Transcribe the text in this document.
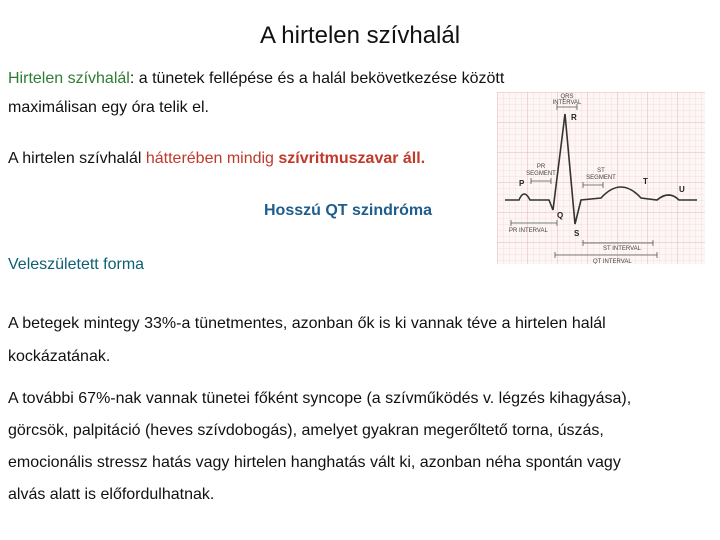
A hirtelen szívhalál
Hirtelen szívhalál: a tünetek fellépése és a halál bekövetkezése között
maximálisan egy óra telik el.
A hirtelen szívhalál hátterében mindig szívritmuszavar áll.
Hosszú QT szindróma
Veleszületett forma
A betegek mintegy 33%-a tünetmentes, azonban ők is ki vannak téve a hirtelen halál
kockázatának.
A további 67%-nak vannak tünetei főként syncope (a szívműködés v. légzés kihagyása),
görcsök, palpitáció (heves szívdobogás), amelyet gyakran megerőltető torna, úszás,
emocionális stressz hatás vagy hirtelen hanghatás vált ki, azonban néha spontán vagy
alvás alatt is előfordulhatnak.
QRS
INTERVAL
R
PR
SEGMENT	ST
SEGMENT
P	T
U
Q
S
PR INTERVAL
ST INTERVAL
QT INTERVAL
